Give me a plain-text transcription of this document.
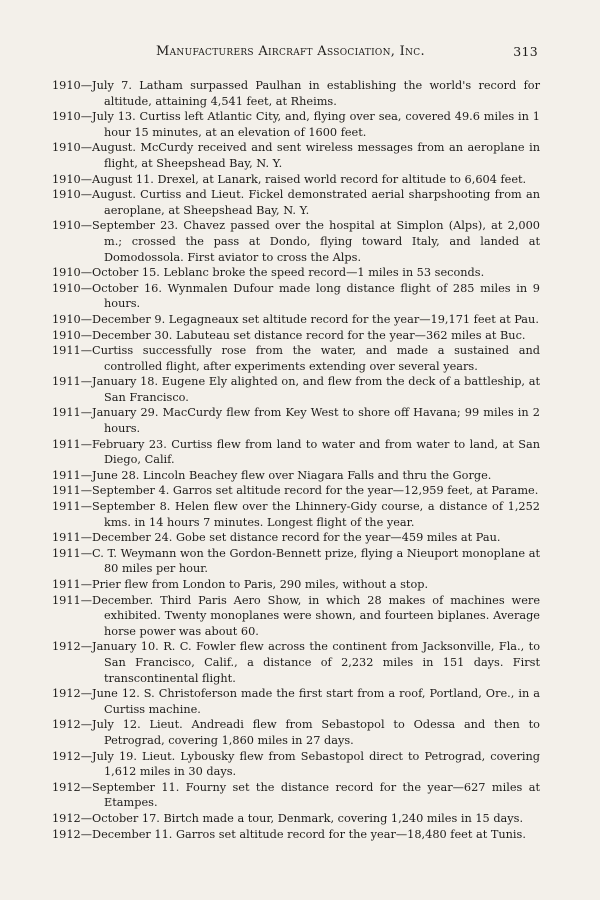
Manufacturers Aircraft Association, Inc.	313
1910—July 7. Latham surpassed Paulhan in establishing the world's record for altitude, attaining 4,541 feet, at Rheims.
1910—July 13. Curtiss left Atlantic City, and, flying over sea, covered 49.6 miles in 1 hour 15 minutes, at an elevation of 1600 feet.
1910—August. McCurdy received and sent wireless messages from an aeroplane in flight, at Sheepshead Bay, N. Y.
1910—August 11. Drexel, at Lanark, raised world record for altitude to 6,604 feet.
1910—August. Curtiss and Lieut. Fickel demonstrated aerial sharpshooting from an aeroplane, at Sheepshead Bay, N. Y.
1910—September 23. Chavez passed over the hospital at Simplon (Alps), at 2,000 m.; crossed the pass at Dondo, flying toward Italy, and landed at Domodossola. First aviator to cross the Alps.
1910—October 15. Leblanc broke the speed record—1 miles in 53 seconds.
1910—October 16. Wynmalen Dufour made long distance flight of 285 miles in 9 hours.
1910—December 9. Legagneaux set altitude record for the year—19,171 feet at Pau.
1910—December 30. Labuteau set distance record for the year—362 miles at Buc.
1911—Curtiss successfully rose from the water, and made a sustained and controlled flight, after experiments extending over several years.
1911—January 18. Eugene Ely alighted on, and flew from the deck of a battleship, at San Francisco.
1911—January 29. MacCurdy flew from Key West to shore off Havana; 99 miles in 2 hours.
1911—February 23. Curtiss flew from land to water and from water to land, at San Diego, Calif.
1911—June 28. Lincoln Beachey flew over Niagara Falls and thru the Gorge.
1911—September 4. Garros set altitude record for the year—12,959 feet, at Parame.
1911—September 8. Helen flew over the Lhinnery-Gidy course, a distance of 1,252 kms. in 14 hours 7 minutes. Longest flight of the year.
1911—December 24. Gobe set distance record for the year—459 miles at Pau.
1911—C. T. Weymann won the Gordon-Bennett prize, flying a Nieuport monoplane at 80 miles per hour.
1911—Prier flew from London to Paris, 290 miles, without a stop.
1911—December. Third Paris Aero Show, in which 28 makes of machines were exhibited. Twenty monoplanes were shown, and fourteen biplanes. Average horse power was about 60.
1912—January 10. R. C. Fowler flew across the continent from Jacksonville, Fla., to San Francisco, Calif., a distance of 2,232 miles in 151 days. First transcontinental flight.
1912—June 12. S. Christoferson made the first start from a roof, Portland, Ore., in a Curtiss machine.
1912—July 12. Lieut. Andreadi flew from Sebastopol to Odessa and then to Petrograd, covering 1,860 miles in 27 days.
1912—July 19. Lieut. Lybousky flew from Sebastopol direct to Petrograd, covering 1,612 miles in 30 days.
1912—September 11. Fourny set the distance record for the year—627 miles at Etampes.
1912—October 17. Birtch made a tour, Denmark, covering 1,240 miles in 15 days.
1912—December 11. Garros set altitude record for the year—18,480 feet at Tunis.
